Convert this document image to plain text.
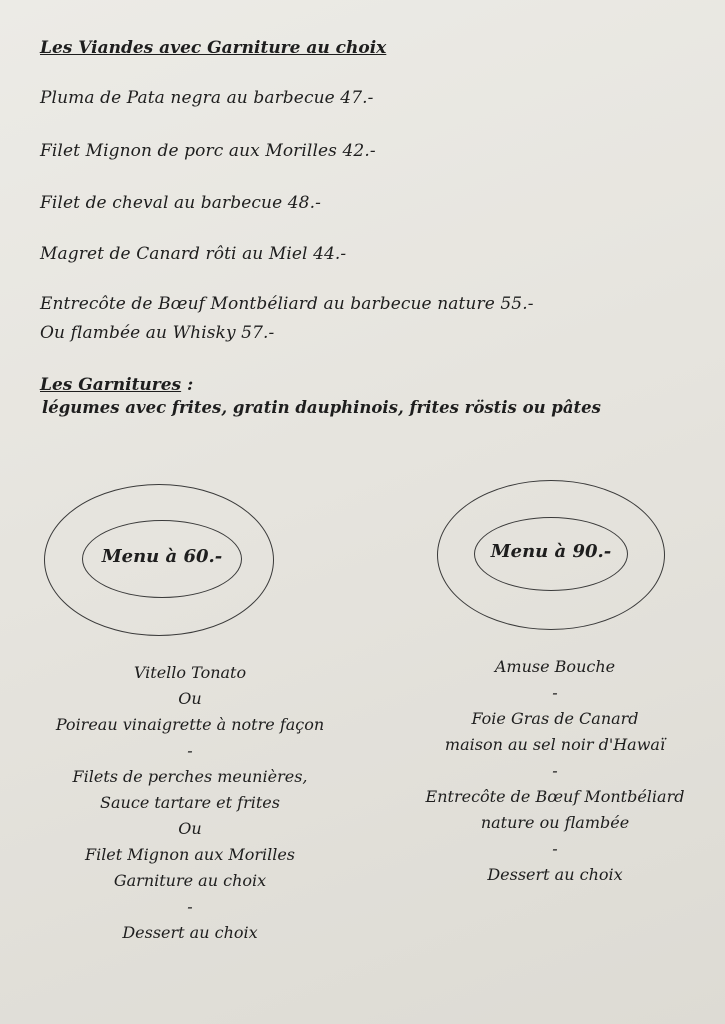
Les Viandes avec Garniture au choix
Pluma de Pata negra au barbecue 47.-
Filet Mignon de porc aux Morilles 42.-
Filet de cheval au barbecue 48.-
Magret de Canard rôti au Miel 44.-
Entrecôte de Bœuf Montbéliard au barbecue nature 55.-
Ou flambée au Whisky 57.-
Les Garnitures :
légumes avec frites, gratin dauphinois, frites röstis ou pâtes
Menu à 60.-	Menu à 90.-
Vitello Tonato
Ou
Poireau vinaigrette à notre façon
-
Filets de perches meunières,
Sauce tartare et frites
Ou
Filet Mignon aux Morilles
Garniture au choix
-
Dessert au choix
Amuse Bouche
-
Foie Gras de Canard
maison au sel noir d'Hawaï
-
Entrecôte de Bœuf Montbéliard
nature ou flambée
-
Dessert au choix
